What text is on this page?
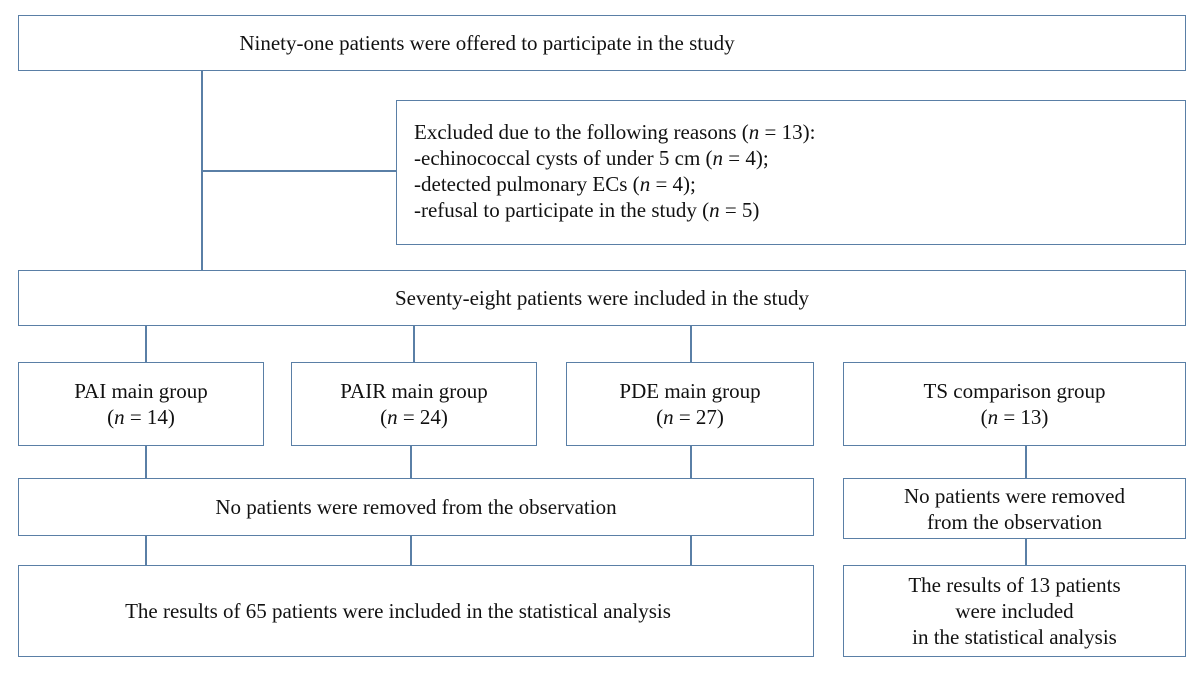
Ninety-one patients were offered to participate in the study
Excluded due to the following reasons (n = 13):
-echinococcal cysts of under 5 cm (n = 4);
-detected pulmonary ECs (n = 4);
-refusal to participate in the study (n = 5)
Seventy-eight patients were included in the study
PAI main group
(n = 14)
PAIR main group
(n = 24)
PDE main group
(n = 27)
TS comparison group
(n = 13)
No patients were removed from the observation	No patients were removed
from the observation
The results of 65 patients were included in the statistical analysis
The results of 13 patients
were included
in the statistical analysis
